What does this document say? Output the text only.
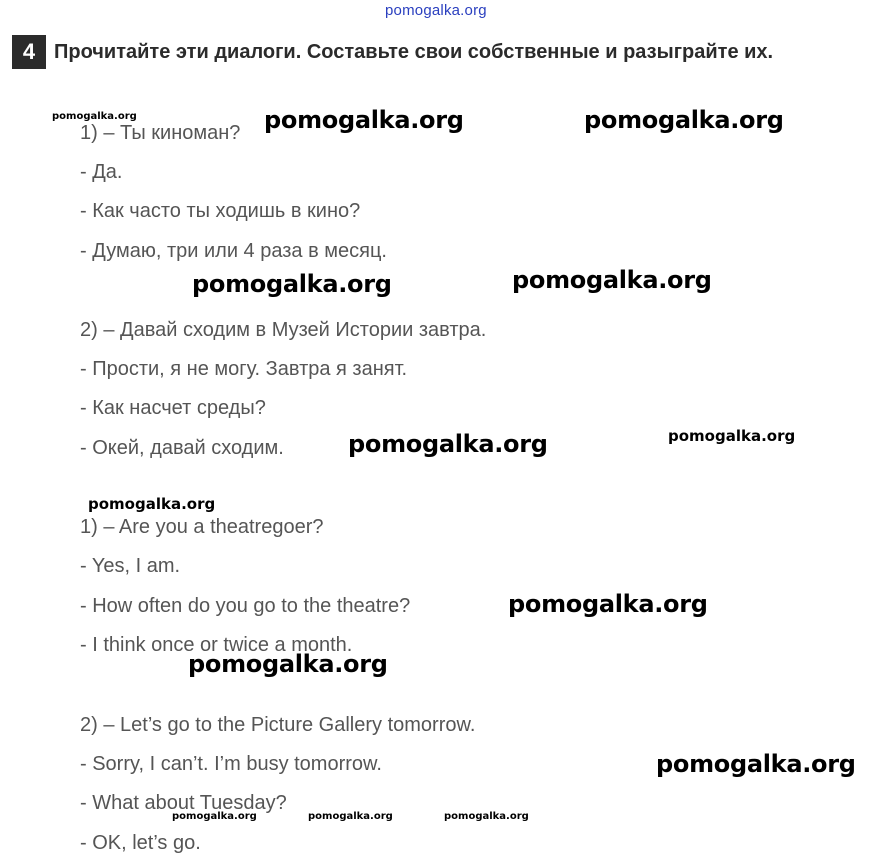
pomogalka.org
4 Прочитайте эти диалоги. Составьте свои собственные и разыграйте их.
1) – Ты киноман?
- Да.
- Как часто ты ходишь в кино?
- Думаю, три или 4 раза в месяц.
2) – Давай сходим в Музей Истории завтра.
- Прости, я не могу. Завтра я занят.
- Как насчет среды?
- Окей, давай сходим.
1) – Are you a theatregoer?
- Yes, I am.
- How often do you go to the theatre?
- I think once or twice a month.
2) – Let’s go to the Picture Gallery tomorrow.
- Sorry, I can’t. I’m busy tomorrow.
- What about Tuesday?
- OK, let’s go.
pomogalka.org	pomogalka.org	pomogalka.org
pomogalka.org	pomogalka.org
pomogalka.org	pomogalka.org
pomogalka.org
pomogalka.org
pomogalka.org
pomogalka.org
pomogalka.org	pomogalka.org	pomogalka.org
